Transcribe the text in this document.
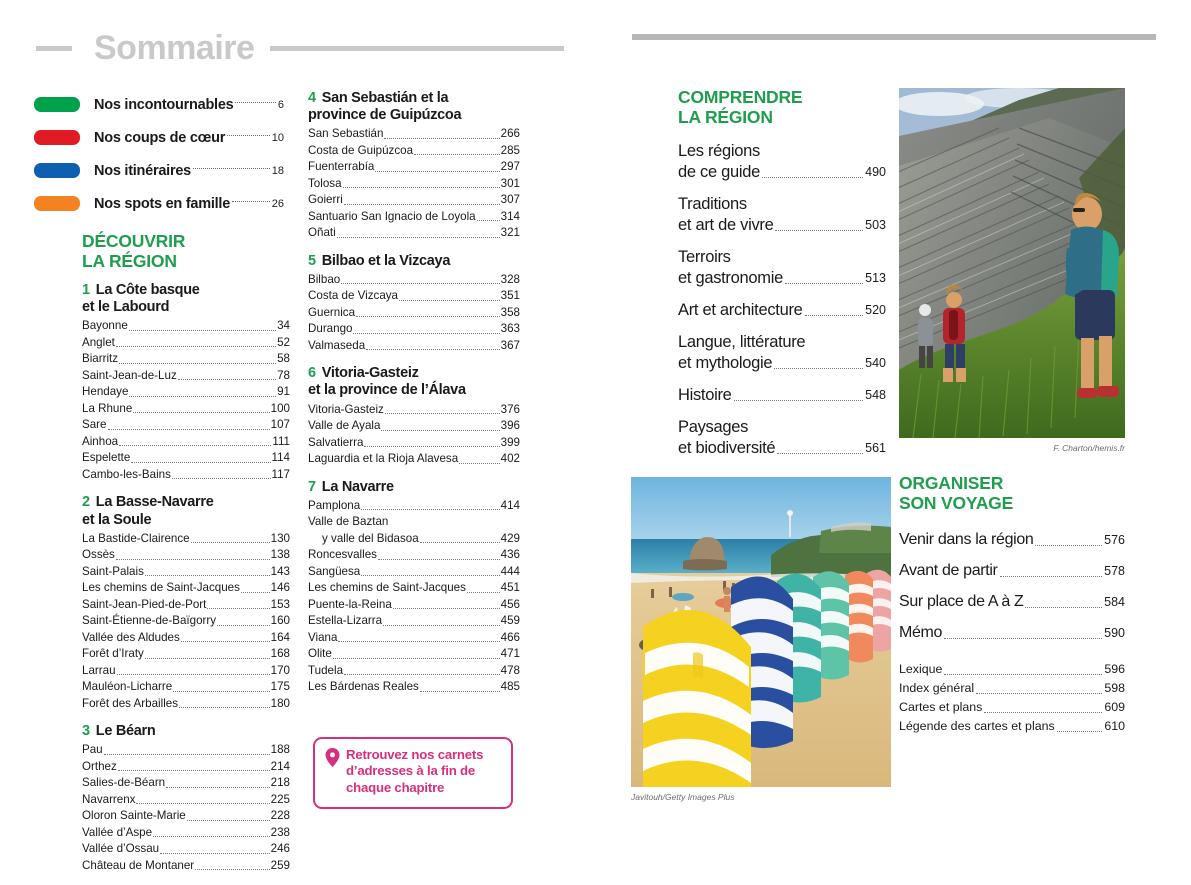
Sommaire
Nos incontournables	6
Nos coups de cœur	10
Nos itinéraires	18
Nos spots en famille	26
DÉCOUVRIR
LA RÉGION
1 La Côte basque
et le Labourd
Bayonne	34
Anglet	52
Biarritz	58
Saint-Jean-de-Luz	78
Hendaye	91
La Rhune	100
Sare	107
Ainhoa	111
Espelette	114
Cambo-les-Bains	117
2 La Basse-Navarre
et la Soule
La Bastide-Clairence	130
Ossès	138
Saint-Palais	143
Les chemins de Saint-Jacques	146
Saint-Jean-Pied-de-Port	153
Saint-Étienne-de-Baïgorry	160
Vallée des Aldudes	164
Forêt d’Iraty	168
Larrau	170
Mauléon-Licharre	175
Forêt des Arbailles	180
3 Le Béarn
Pau	188
Orthez	214
Salies-de-Béarn	218
Navarrenx	225
Oloron Sainte-Marie	228
Vallée d’Aspe	238
Vallée d’Ossau	246
Château de Montaner	259
4 San Sebastián et la
province de Guipúzcoa
San Sebastián	266
Costa de Guipúzcoa	285
Fuenterrabía	297
Tolosa	301
Goierri	307
Santuario San Ignacio de Loyola 314
Oñati	321
5 Bilbao et la Vizcaya
Bilbao	328
Costa de Vizcaya	351
Guernica	358
Durango	363
Valmaseda	367
6 Vitoria-Gasteiz
et la province de l’Álava
Vitoria-Gasteiz	376
Valle de Ayala	396
Salvatierra	399
Laguardia et la Rioja Alavesa	402
7 La Navarre
Pamplona	414
Valle de Baztan
y valle del Bidasoa	429
Roncesvalles	436
Sangüesa	444
Les chemins de Saint-Jacques	451
Puente-la-Reina	456
Estella-Lizarra	459
Viana	466
Olite	471
Tudela	478
Les Bárdenas Reales	485
Retrouvez nos carnets
d’adresses à la fin de
chaque chapitre
COMPRENDRE
LA RÉGION
Les régions
de ce guide	490
Traditions
et art de vivre	503
Terroirs
et gastronomie	513
Art et architecture	520
Langue, littérature
et mythologie	540
Histoire	548
Paysages
et biodiversité	561	F. Charton/hemis.fr
ORGANISER
SON VOYAGE
Venir dans la région	576
Avant de partir	578
Sur place de A à Z	584
Mémo	590
Lexique	596
Index général	598
Cartes et plans	609
Légende des cartes et plans	610
Javitouh/Getty Images Plus
